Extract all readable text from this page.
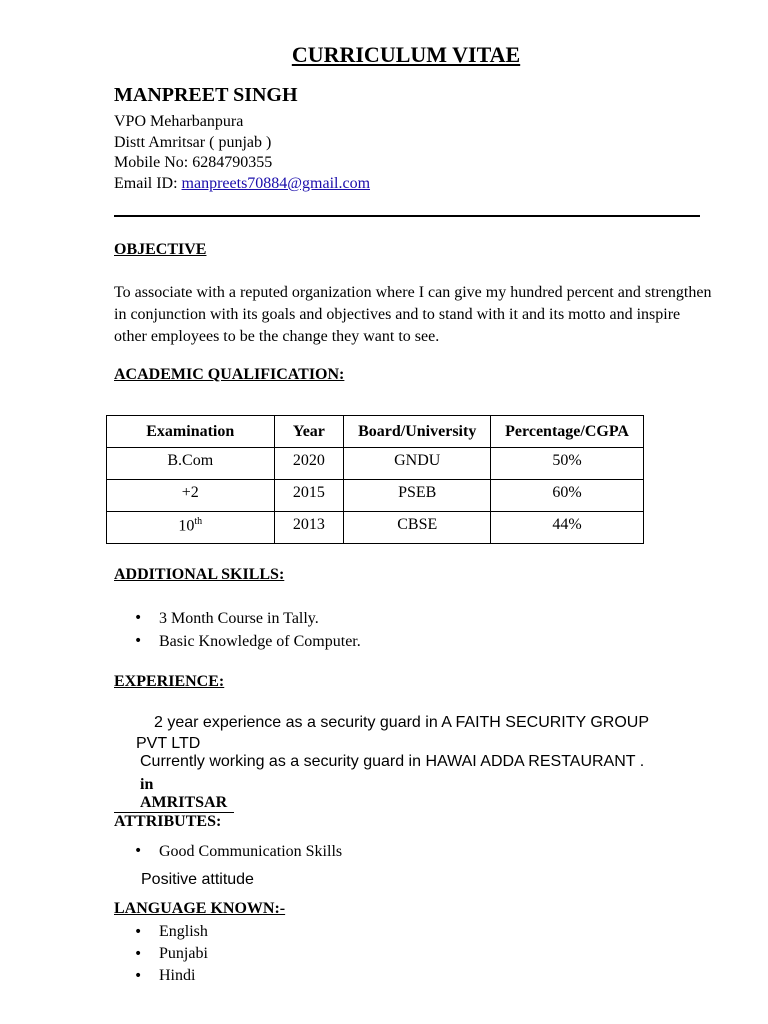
CURRICULUM VITAE
MANPREET SINGH
VPO Meharbanpura
Distt Amritsar ( punjab )
Mobile No: 6284790355
Email ID: manpreets70884@gmail.com
OBJECTIVE
To associate with a reputed organization where I can give my hundred percent and strengthen in conjunction with its goals and objectives and to stand with it and its motto and inspire other employees to be the change they want to see.
ACADEMIC QUALIFICATION:
Examination	Year	Board/University	Percentage/CGPA
B.Com	2020	GNDU	50%
+2	2015	PSEB	60%
10th	2013	CBSE	44%
ADDITIONAL SKILLS:
• 3 Month Course in Tally.
• Basic Knowledge of Computer.
EXPERIENCE:
2 year experience as a security guard in A FAITH SECURITY GROUP
PVT LTD
Currently working as a security guard in HAWAI ADDA RESTAURANT .
in AMRITSAR
ATTRIBUTES:
• Good Communication Skills
Positive attitude
LANGUAGE KNOWN:-
• English
• Punjabi
• Hindi
